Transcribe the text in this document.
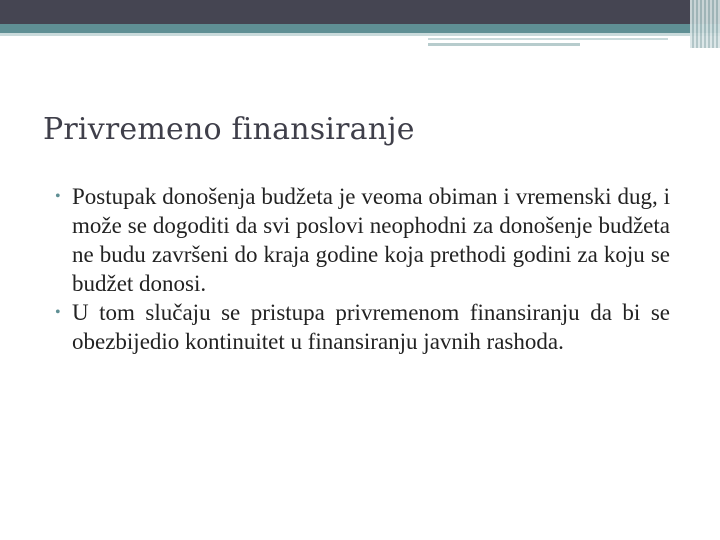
Privremeno finansiranje

• Postupak donošenja budžeta je veoma obiman i vremenski dug, i može se dogoditi da svi poslovi neophodni za donošenje budžeta ne budu završeni do kraja godine koja prethodi godini za koju se budžet donosi.

• U tom slučaju se pristupa privremenom finansiranju da bi se obezbijedio kontinuitet u finansiranju javnih rashoda.
